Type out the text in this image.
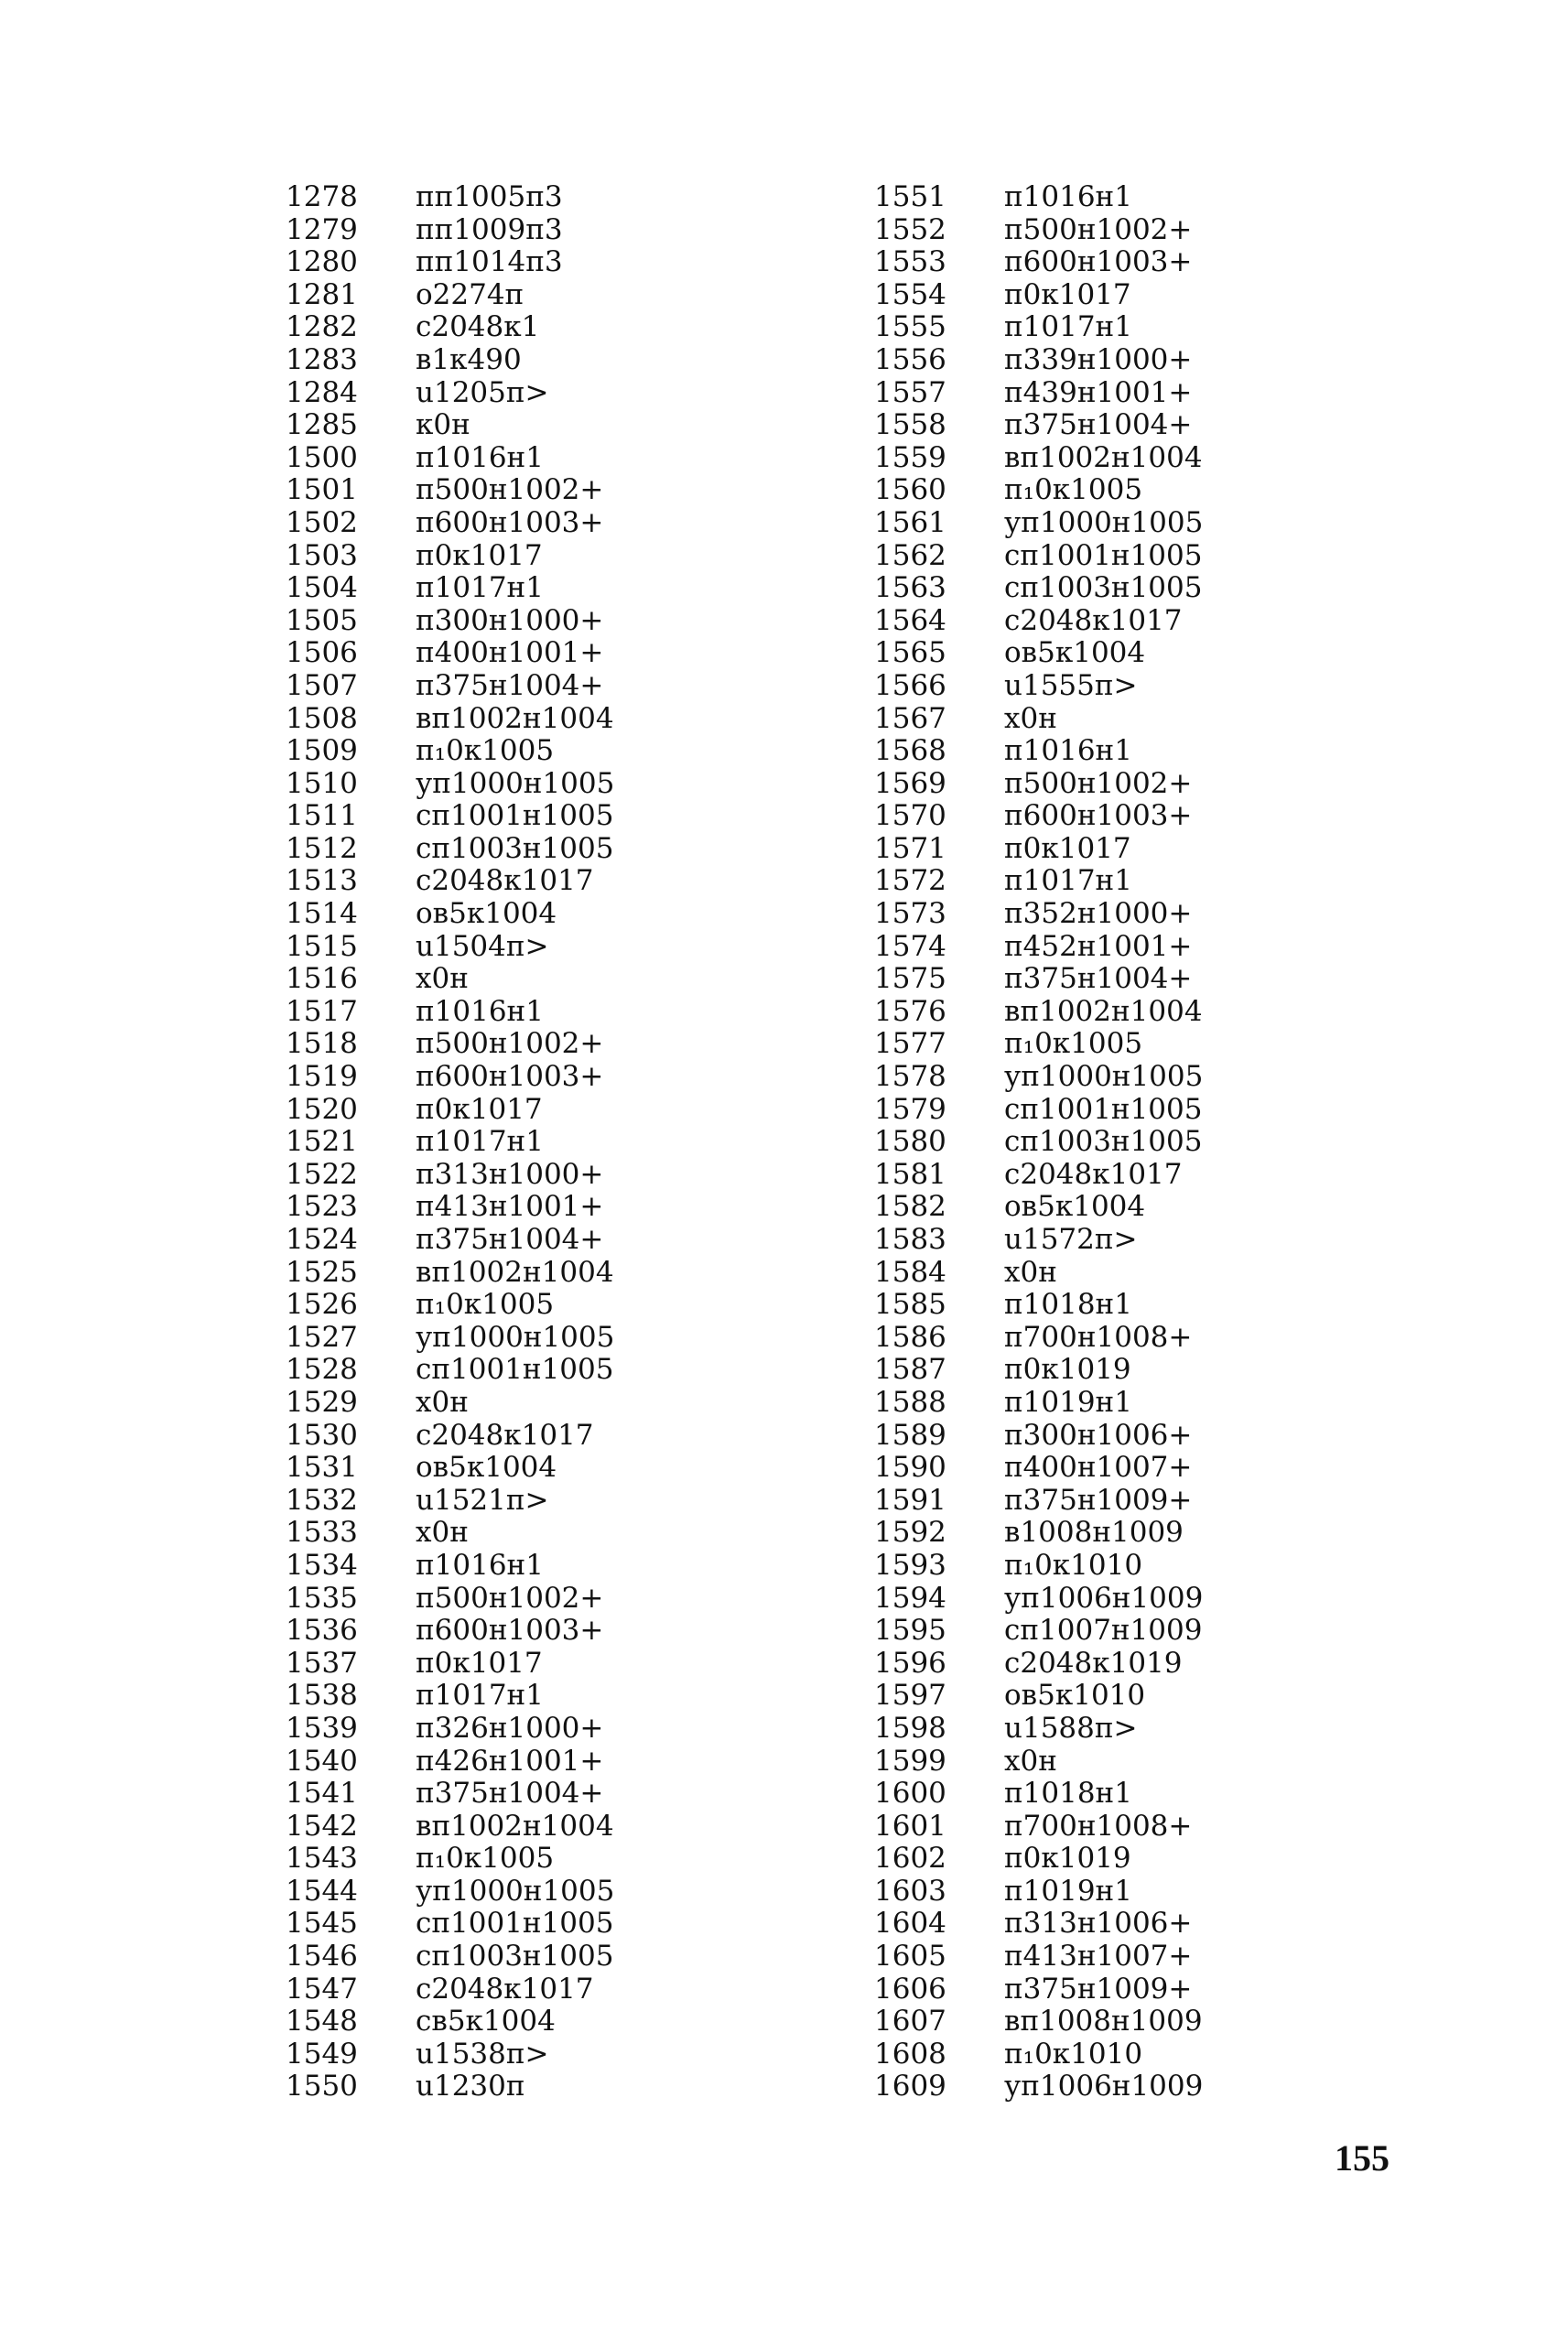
1278	пп1005п3
1279	пп1009п3
1280	пп1014п3
1281	о2274п
1282	с2048к1
1283	в1к490
1284	u1205п>
1285	к0н
1500	п1016н1
1501	п500н1002+
1502	п600н1003+
1503	п0к1017
1504	п1017н1
1505	п300н1000+
1506	п400н1001+
1507	п375н1004+
1508	вп1002н1004
1509	п₁0к1005
1510	уп1000н1005
1511	сп1001н1005
1512	сп1003н1005
1513	с2048к1017
1514	ов5к1004
1515	u1504п>
1516	х0н
1517	п1016н1
1518	п500н1002+
1519	п600н1003+
1520	п0к1017
1521	п1017н1
1522	п313н1000+
1523	п413н1001+
1524	п375н1004+
1525	вп1002н1004
1526	п₁0к1005
1527	уп1000н1005
1528	сп1001н1005
1529	х0н
1530	с2048к1017
1531	ов5к1004
1532	u1521п>
1533	х0н
1534	п1016н1
1535	п500н1002+
1536	п600н1003+
1537	п0к1017
1538	п1017н1
1539	п326н1000+
1540	п426н1001+
1541	п375н1004+
1542	вп1002н1004
1543	п₁0к1005
1544	уп1000н1005
1545	сп1001н1005
1546	сп1003н1005
1547	с2048к1017
1548	св5к1004
1549	u1538п>
1550	u1230п
1551	п1016н1
1552	п500н1002+
1553	п600н1003+
1554	п0к1017
1555	п1017н1
1556	п339н1000+
1557	п439н1001+
1558	п375н1004+
1559	вп1002н1004
1560	п₁0к1005
1561	уп1000н1005
1562	сп1001н1005
1563	сп1003н1005
1564	с2048к1017
1565	ов5к1004
1566	u1555п>
1567	х0н
1568	п1016н1
1569	п500н1002+
1570	п600н1003+
1571	п0к1017
1572	п1017н1
1573	п352н1000+
1574	п452н1001+
1575	п375н1004+
1576	вп1002н1004
1577	п₁0к1005
1578	уп1000н1005
1579	сп1001н1005
1580	сп1003н1005
1581	с2048к1017
1582	ов5к1004
1583	u1572п>
1584	х0н
1585	п1018н1
1586	п700н1008+
1587	п0к1019
1588	п1019н1
1589	п300н1006+
1590	п400н1007+
1591	п375н1009+
1592	в1008н1009
1593	п₁0к1010
1594	уп1006н1009
1595	сп1007н1009
1596	с2048к1019
1597	ов5к1010
1598	u1588п>
1599	х0н
1600	п1018н1
1601	п700н1008+
1602	п0к1019
1603	п1019н1
1604	п313н1006+
1605	п413н1007+
1606	п375н1009+
1607	вп1008н1009
1608	п₁0к1010
1609	уп1006н1009
155
